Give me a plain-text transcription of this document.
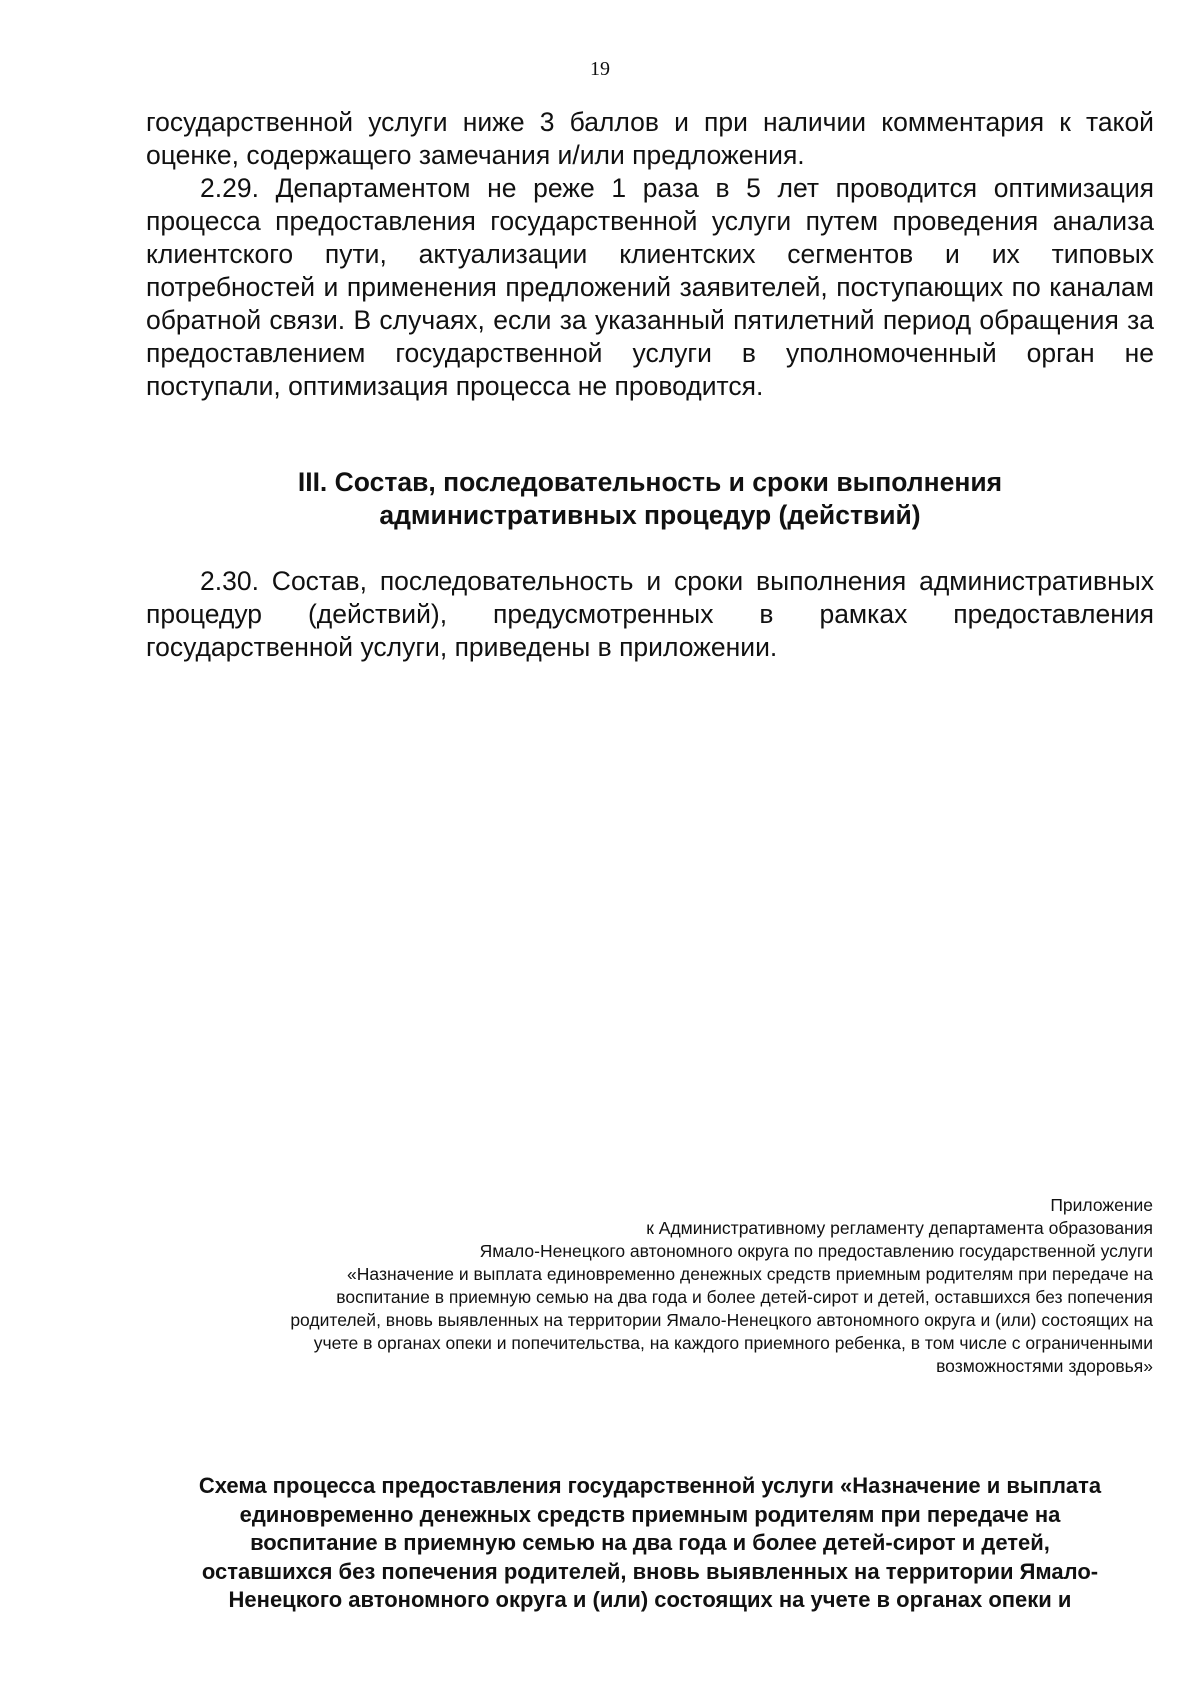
19

государственной услуги ниже 3 баллов и при наличии комментария к такой оценке, содержащего замечания и/или предложения.

2.29. Департаментом не реже 1 раза в 5 лет проводится оптимизация процесса предоставления государственной услуги путем проведения анализа клиентского пути, актуализации клиентских сегментов и их типовых потребностей и применения предложений заявителей, поступающих по каналам обратной связи. В случаях, если за указанный пятилетний период обращения за предоставлением государственной услуги в уполномоченный орган не поступали, оптимизация процесса не проводится.

III. Состав, последовательность и сроки выполнения
административных процедур (действий)

2.30. Состав, последовательность и сроки выполнения административных процедур (действий), предусмотренных в рамках предоставления государственной услуги, приведены в приложении.

Приложение
к Административному регламенту департамента образования
Ямало-Ненецкого автономного округа по предоставлению государственной услуги
«Назначение и выплата единовременно денежных средств приемным родителям при передаче на
воспитание в приемную семью на два года и более детей-сирот и детей, оставшихся без попечения
родителей, вновь выявленных на территории Ямало-Ненецкого автономного округа и (или) состоящих на
учете в органах опеки и попечительства, на каждого приемного ребенка, в том числе с ограниченными
возможностями здоровья»
Схема процесса предоставления государственной услуги «Назначение и выплата
единовременно денежных средств приемным родителям при передаче на
воспитание в приемную семью на два года и более детей-сирот и детей,
оставшихся без попечения родителей, вновь выявленных на территории Ямало-
Ненецкого автономного округа и (или) состоящих на учете в органах опеки и
